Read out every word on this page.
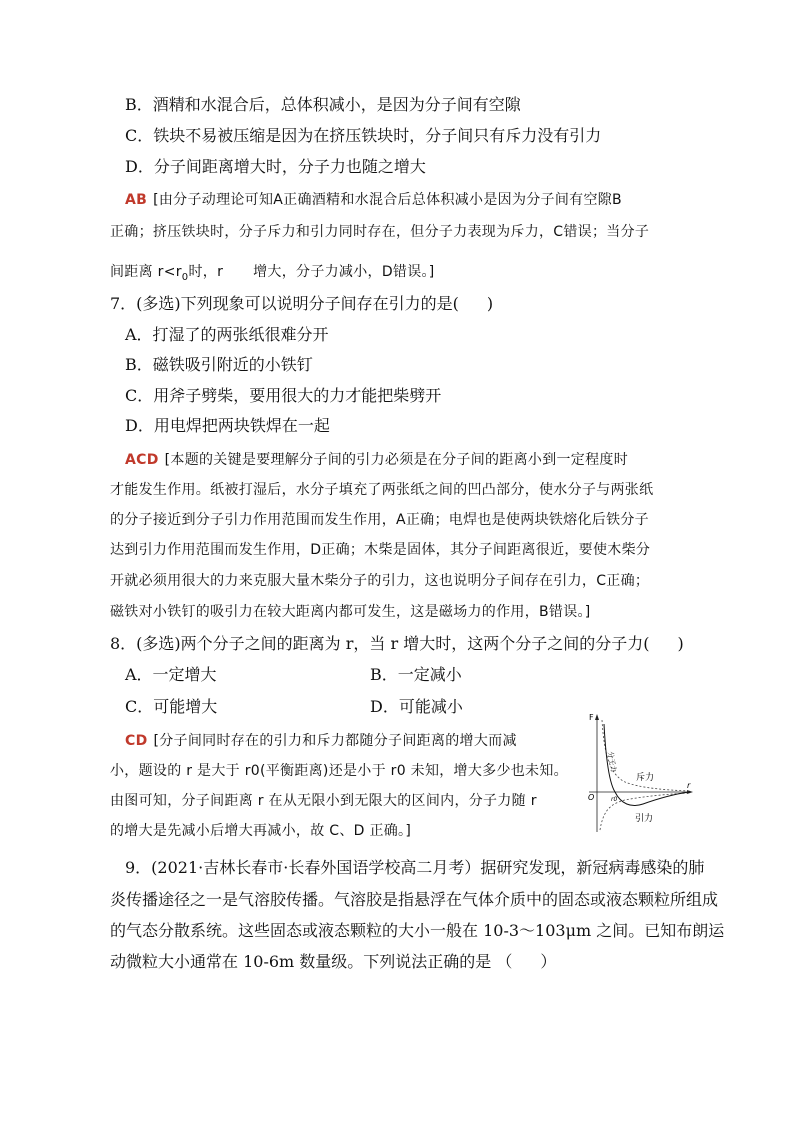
B．酒精和水混合后，总体积减小，是因为分子间有空隙
C．铁块不易被压缩是因为在挤压铁块时，分子间只有斥力没有引力
D．分子间距离增大时，分子力也随之增大
AB [由分子动理论可知A正确酒精和水混合后总体积减小是因为分子间有空隙B
正确；挤压铁块时，分子斥力和引力同时存在，但分子力表现为斥力，C错误；当分子
间距离 $r<r_0$时，r 增大，分子力减小，D错误。]
7．(多选)下列现象可以说明分子间存在引力的是( )
A．打湿了的两张纸很难分开
B．磁铁吸引附近的小铁钉
C．用斧子劈柴，要用很大的力才能把柴劈开
D．用电焊把两块铁焊在一起
ACD [本题的关键是要理解分子间的引力必须是在分子间的距离小到一定程度时
才能发生作用。纸被打湿后，水分子填充了两张纸之间的凹凸部分，使水分子与两张纸
的分子接近到分子引力作用范围而发生作用，A正确；电焊也是使两块铁熔化后铁分子
达到引力作用范围而发生作用，D正确；木柴是固体，其分子间距离很近，要使木柴分
开就必须用很大的力来克服大量木柴分子的引力，这也说明分子间存在引力，C正确；
磁铁对小铁钉的吸引力在较大距离内都可发生，这是磁场力的作用，B错误。]
8．(多选)两个分子之间的距离为 r，当 r 增大时，这两个分子之间的分子力( )
A．一定增大	B．一定减小
C．可能增大	D．可能减小
CD [分子间同时存在的引力和斥力都随分子间距离的增大而减
小，题设的 r 是大于 r0(平衡距离)还是小于 r0 未知，增大多少也未知。
由图可知，分子间距离 r 在从无限小到无限大的区间内，分子力随 r
的增大是先减小后增大再减小，故 C、D 正确。]
F
r
O	r0
斥力
引力
分子力
9．(2021·吉林长春市·长春外国语学校高二月考）据研究发现，新冠病毒感染的肺
炎传播途径之一是气溶胶传播。气溶胶是指悬浮在气体介质中的固态或液态颗粒所组成
的气态分散系统。这些固态或液态颗粒的大小一般在 10-3～103μm 之间。已知布朗运
动微粒大小通常在 10-6m 数量级。下列说法正确的是 （ ）
